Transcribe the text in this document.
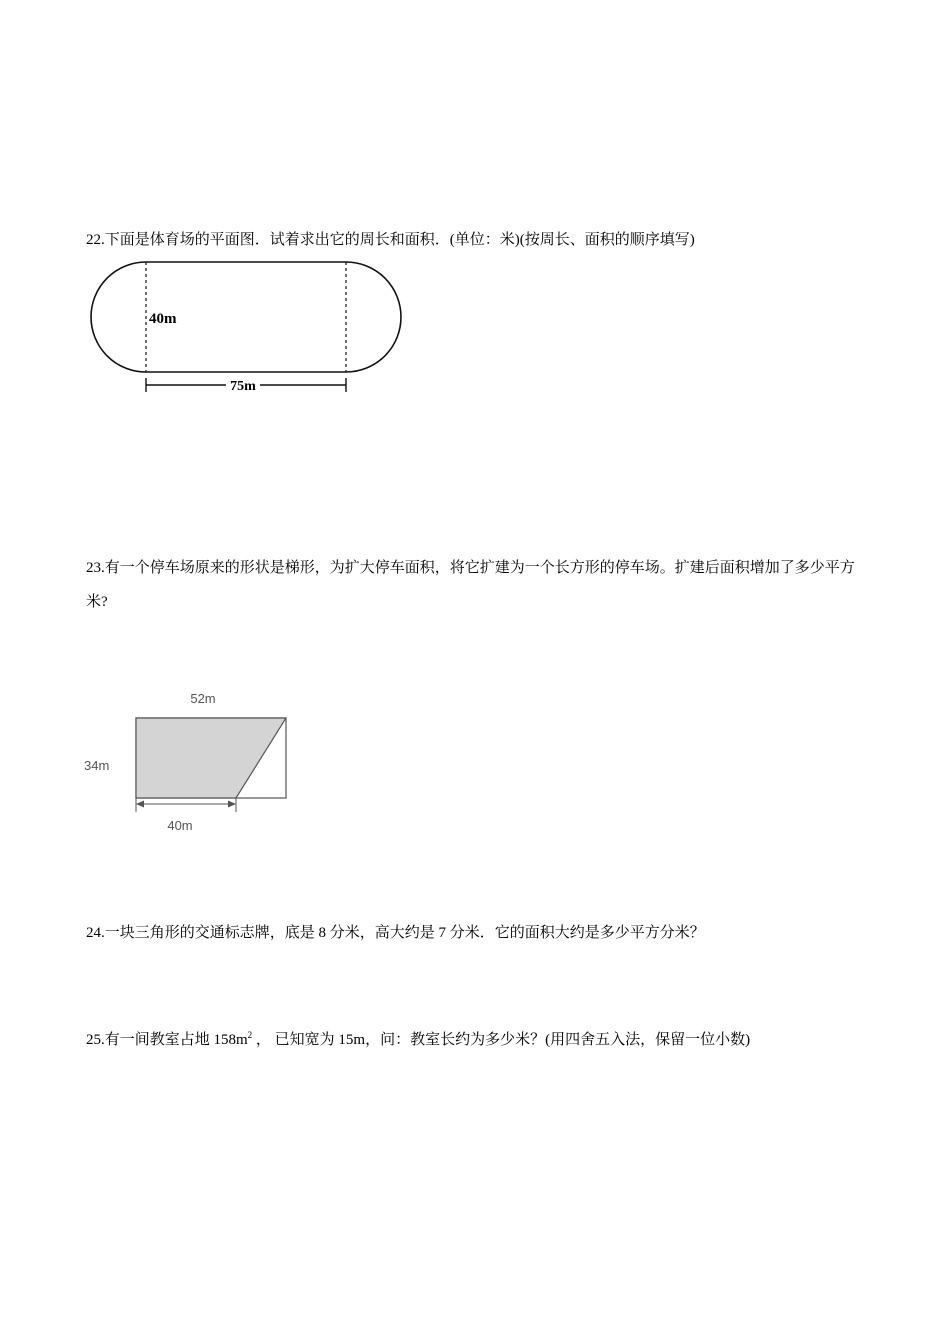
22.下面是体育场的平面图．试着求出它的周长和面积．(单位：米)(按周长、面积的顺序填写)

40m
75m

23.有一个停车场原来的形状是梯形，为扩大停车面积，将它扩建为一个长方形的停车场。扩建后面积增加了多少平方米?

52m
34m
40m

24.一块三角形的交通标志牌，底是 8 分米，高大约是 7 分米．它的面积大约是多少平方分米？

25.有一间教室占地 $158m^2$ ， 已知宽为 15m，问：教室长约为多少米？(用四舍五入法，保留一位小数)
